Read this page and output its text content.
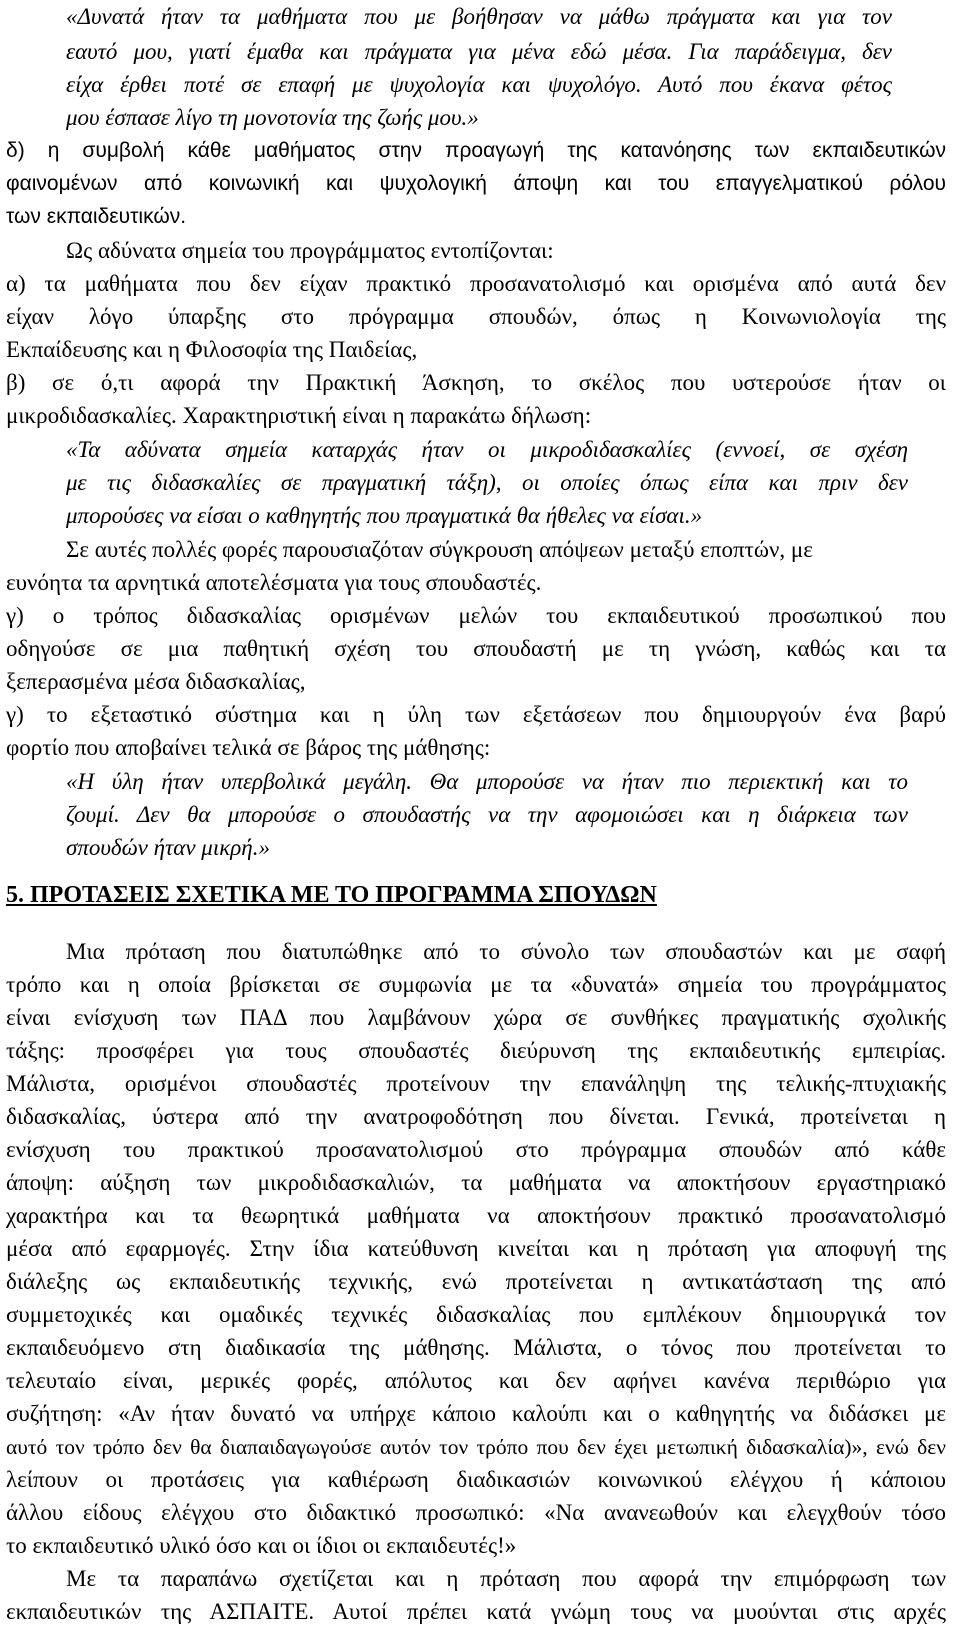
«Δυνατά ήταν τα μαθήματα που με βοήθησαν να μάθω πράγματα και για τον
εαυτό μου, γιατί έμαθα και πράγματα για μένα εδώ μέσα. Για παράδειγμα, δεν
είχα έρθει ποτέ σε επαφή με ψυχολογία και ψυχολόγο. Αυτό που έκανα φέτος
μου έσπασε λίγο τη μονοτονία της ζωής μου.»
δ) η συμβολή κάθε μαθήματος στην προαγωγή της κατανόησης των εκπαιδευτικών
φαινομένων από κοινωνική και ψυχολογική άποψη και του επαγγελματικού ρόλου
των εκπαιδευτικών.
Ως αδύνατα σημεία του προγράμματος εντοπίζονται:
α) τα μαθήματα που δεν είχαν πρακτικό προσανατολισμό και ορισμένα από αυτά δεν
είχαν λόγο ύπαρξης στο πρόγραμμα σπουδών, όπως η Κοινωνιολογία της
Εκπαίδευσης και η Φιλοσοφία της Παιδείας,
β) σε ό,τι αφορά την Πρακτική Άσκηση, το σκέλος που υστερούσε ήταν οι
μικροδιδασκαλίες. Χαρακτηριστική είναι η παρακάτω δήλωση:
«Τα αδύνατα σημεία καταρχάς ήταν οι μικροδιδασκαλίες (εννοεί, σε σχέση
με τις διδασκαλίες σε πραγματική τάξη), οι οποίες όπως είπα και πριν δεν
μπορούσες να είσαι ο καθηγητής που πραγματικά θα ήθελες να είσαι.»
Σε αυτές πολλές φορές παρουσιαζόταν σύγκρουση απόψεων μεταξύ εποπτών, με
ευνόητα τα αρνητικά αποτελέσματα για τους σπουδαστές.
γ) ο τρόπος διδασκαλίας ορισμένων μελών του εκπαιδευτικού προσωπικού που
οδηγούσε σε μια παθητική σχέση του σπουδαστή με τη γνώση, καθώς και τα
ξεπερασμένα μέσα διδασκαλίας,
γ) το εξεταστικό σύστημα και η ύλη των εξετάσεων που δημιουργούν ένα βαρύ
φορτίο που αποβαίνει τελικά σε βάρος της μάθησης:
«Η ύλη ήταν υπερβολικά μεγάλη. Θα μπορούσε να ήταν πιο περιεκτική και το
ζουμί. Δεν θα μπορούσε ο σπουδαστής να την αφομοιώσει και η διάρκεια των
σπουδών ήταν μικρή.»
5. ΠΡΟΤΑΣΕΙΣ ΣΧΕΤΙΚΑ ΜΕ ΤΟ ΠΡΟΓΡΑΜΜΑ ΣΠΟΥΔΩΝ
Μια πρόταση που διατυπώθηκε από το σύνολο των σπουδαστών και με σαφή
τρόπο και η οποία βρίσκεται σε συμφωνία με τα «δυνατά» σημεία του προγράμματος
είναι ενίσχυση των ΠΑΔ που λαμβάνουν χώρα σε συνθήκες πραγματικής σχολικής
τάξης: προσφέρει για τους σπουδαστές διεύρυνση της εκπαιδευτικής εμπειρίας.
Μάλιστα, ορισμένοι σπουδαστές προτείνουν την επανάληψη της τελικής-πτυχιακής
διδασκαλίας, ύστερα από την ανατροφοδότηση που δίνεται. Γενικά, προτείνεται η
ενίσχυση του πρακτικού προσανατολισμού στο πρόγραμμα σπουδών από κάθε
άποψη: αύξηση των μικροδιδασκαλιών, τα μαθήματα να αποκτήσουν εργαστηριακό
χαρακτήρα και τα θεωρητικά μαθήματα να αποκτήσουν πρακτικό προσανατολισμό
μέσα από εφαρμογές. Στην ίδια κατεύθυνση κινείται και η πρόταση για αποφυγή της
διάλεξης ως εκπαιδευτικής τεχνικής, ενώ προτείνεται η αντικατάσταση της από
συμμετοχικές και ομαδικές τεχνικές διδασκαλίας που εμπλέκουν δημιουργικά τον
εκπαιδευόμενο στη διαδικασία της μάθησης. Μάλιστα, ο τόνος που προτείνεται το
τελευταίο είναι, μερικές φορές, απόλυτος και δεν αφήνει κανένα περιθώριο για
συζήτηση: «Αν ήταν δυνατό να υπήρχε κάποιο καλούπι και ο καθηγητής να διδάσκει με
αυτό τον τρόπο δεν θα διαπαιδαγωγούσε αυτόν τον τρόπο που δεν έχει μετωπική διδασκαλία)», ενώ δεν
λείπουν οι προτάσεις για καθιέρωση διαδικασιών κοινωνικού ελέγχου ή κάποιου
άλλου είδους ελέγχου στο διδακτικό προσωπικό: «Να ανανεωθούν και ελεγχθούν τόσο
το εκπαιδευτικό υλικό όσο και οι ίδιοι οι εκπαιδευτές!»
Με τα παραπάνω σχετίζεται και η πρόταση που αφορά την επιμόρφωση των
εκπαιδευτικών της ΑΣΠΑΙΤΕ. Αυτοί πρέπει κατά γνώμη τους να μυούνται στις αρχές
